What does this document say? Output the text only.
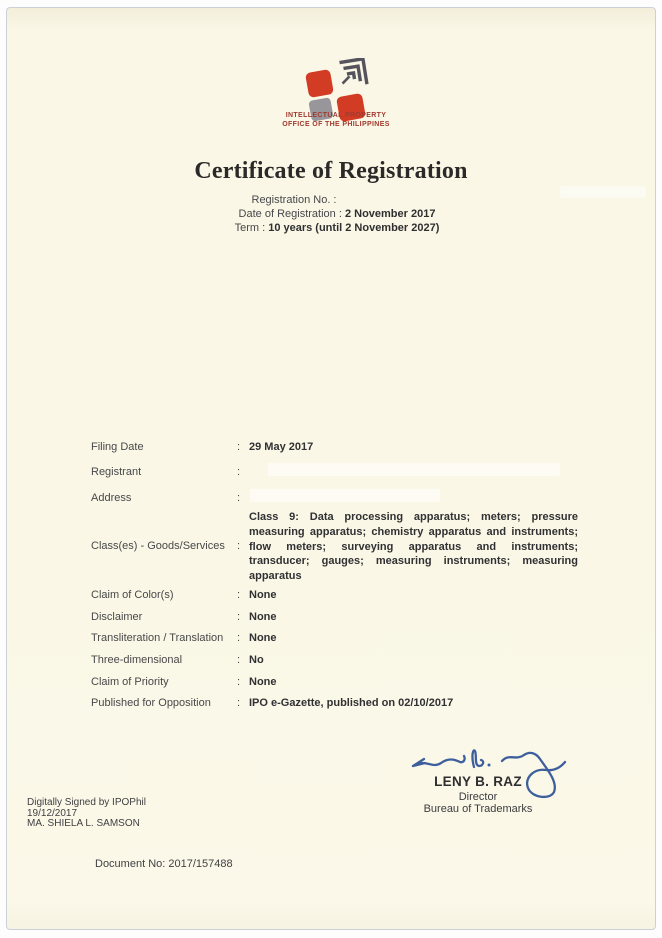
INTELLECTUAL PROPERTY
OFFICE OF THE PHILIPPINES
Certificate of Registration
Registration No. :
Date of Registration : 2 November 2017
Term : 10 years (until 2 November 2027)
Filing Date	: 29 May 2017
Registrant	:
Address	:
Class(es) - Goods/Services	:
Class 9: Data processing apparatus; meters; pressure measuring apparatus; chemistry apparatus and instruments; flow meters; surveying apparatus and instruments; transducer; gauges; measuring instruments; measuring apparatus
Claim of Color(s)	: None
Disclaimer	: None
Transliteration / Translation	: None
Three-dimensional	: No
Claim of Priority	: None
Published for Opposition	: IPO e-Gazette, published on 02/10/2017
LENY B. RAZ
Director
Bureau of Trademarks
Digitally Signed by IPOPhil
19/12/2017
MA. SHIELA L. SAMSON
Document No: 2017/157488
